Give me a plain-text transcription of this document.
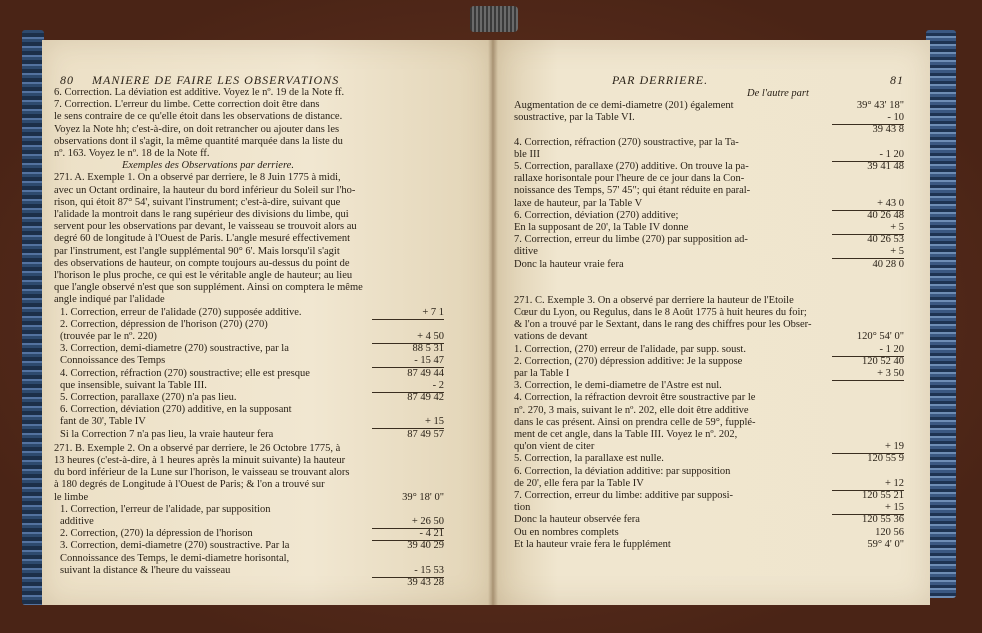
80 MANIERE DE FAIRE LES OBSERVATIONS
6. Correction. La déviation est additive. Voyez le nº. 19 de la Note ff.
7. Correction. L'erreur du limbe. Cette correction doit être dans
le sens contraire de ce qu'elle étoit dans les observations de distance.
Voyez la Note hh; c'est-à-dire, on doit retrancher ou ajouter dans les
observations dont il s'agit, la même quantité marquée dans la liste du
nº. 163. Voyez le nº. 18 de la Note ff.
Exemples des Observations par derriere.
271. A. Exemple 1. On a observé par derriere, le 8 Juin 1775 à midi,
avec un Octant ordinaire, la hauteur du bord inférieur du Soleil sur l'ho-
rison, qui étoit 87° 54', suivant l'instrument; c'est-à-dire, suivant que
l'alidade la montroit dans le rang supérieur des divisions du limbe, qui
servent pour les observations par devant, le vaisseau se trouvoit alors au
degré 60 de longitude à l'Ouest de Paris. L'angle mesuré effectivement
par l'instrument, est l'angle supplémental 90° 6'. Mais lorsqu'il s'agit
des observations de hauteur, on compte toujours au-dessus du point de
l'horison le plus proche, ce qui est le véritable angle de hauteur; au lieu
que l'angle observé n'est que son supplément. Ainsi on comptera le même
angle indiqué par l'alidade
1. Correction, erreur de l'alidade (270) supposée additive.	+ 7 1
2. Correction, dépression de l'horison (270) (270)
(trouvée par le nº. 220)	+ 4 50
3. Correction, demi-diametre (270) soustractive, par la	88 5 31
Connoissance des Temps	- 15 47
4. Correction, réfraction (270) soustractive; elle est presque	87 49 44
que insensible, suivant la Table III.	- 2
5. Correction, parallaxe (270) n'a pas lieu.	87 49 42
6. Correction, déviation (270) additive, en la supposant
fant de 30', Table IV	+ 15
Si la Correction 7 n'a pas lieu, la vraie hauteur fera	87 49 57
271. B. Exemple 2. On a observé par derriere, le 26 Octobre 1775, à
13 heures (c'est-à-dire, à 1 heures après la minuit suivante) la hauteur
du bord inférieur de la Lune sur l'horison, le vaisseau se trouvant alors
à 180 degrés de Longitude à l'Ouest de Paris; & l'on a trouvé sur
le limbe	39° 18' 0"
1. Correction, l'erreur de l'alidade, par supposition
additive	+ 26 50
2. Correction, (270) la dépression de l'horison	- 4 21
3. Correction, demi-diametre (270) soustractive. Par la	39 40 29
Connoissance des Temps, le demi-diametre horisontal,
suivant la distance & l'heure du vaisseau	- 15 53
39 43 28
PAR DERRIERE.	81
De l'autre part
Augmentation de ce demi-diametre (201) également	39° 43' 18"
soustractive, par la Table VI.	- 10
39 43 8
4. Correction, réfraction (270) soustractive, par la Ta-
ble III	- 1 20
5. Correction, parallaxe (270) additive. On trouve la pa-	39 41 48
rallaxe horisontale pour l'heure de ce jour dans la Con-
noissance des Temps, 57' 45"; qui étant réduite en paral-
laxe de hauteur, par la Table V	+ 43 0
6. Correction, déviation (270) additive;	40 26 48
En la supposant de 20', la Table IV donne	+ 5
7. Correction, erreur du limbe (270) par supposition ad-	40 26 53
ditive	+ 5
Donc la hauteur vraie fera	40 28 0
271. C. Exemple 3. On a observé par derriere la hauteur de l'Etoile
Cœur du Lyon, ou Regulus, dans le 8 Août 1775 à huit heures du foir;
& l'on a trouvé par le Sextant, dans le rang des chiffres pour les Obser-
vations de devant	120° 54' 0"
1. Correction, (270) erreur de l'alidade, par supp. soust.	- 1 20
2. Correction, (270) dépression additive: Je la suppose	120 52 40
par la Table I	+ 3 50
3. Correction, le demi-diametre de l'Astre est nul.
4. Correction, la réfraction devroit être soustractive par le
nº. 270, 3 mais, suivant le nº. 202, elle doit être additive
dans le cas présent. Ainsi on prendra celle de 59°, fupplé-
ment de cet angle, dans la Table III. Voyez le nº. 202,
qu'on vient de citer	+ 19
5. Correction, la parallaxe est nulle.	120 55 9
6. Correction, la déviation additive: par supposition
de 20', elle fera par la Table IV	+ 12
7. Correction, erreur du limbe: additive par supposi-	120 55 21
tion	+ 15
Donc la hauteur observée fera	120 55 36
Ou en nombres complets	120 56
Et la hauteur vraie fera le fupplément	59° 4' 0"
